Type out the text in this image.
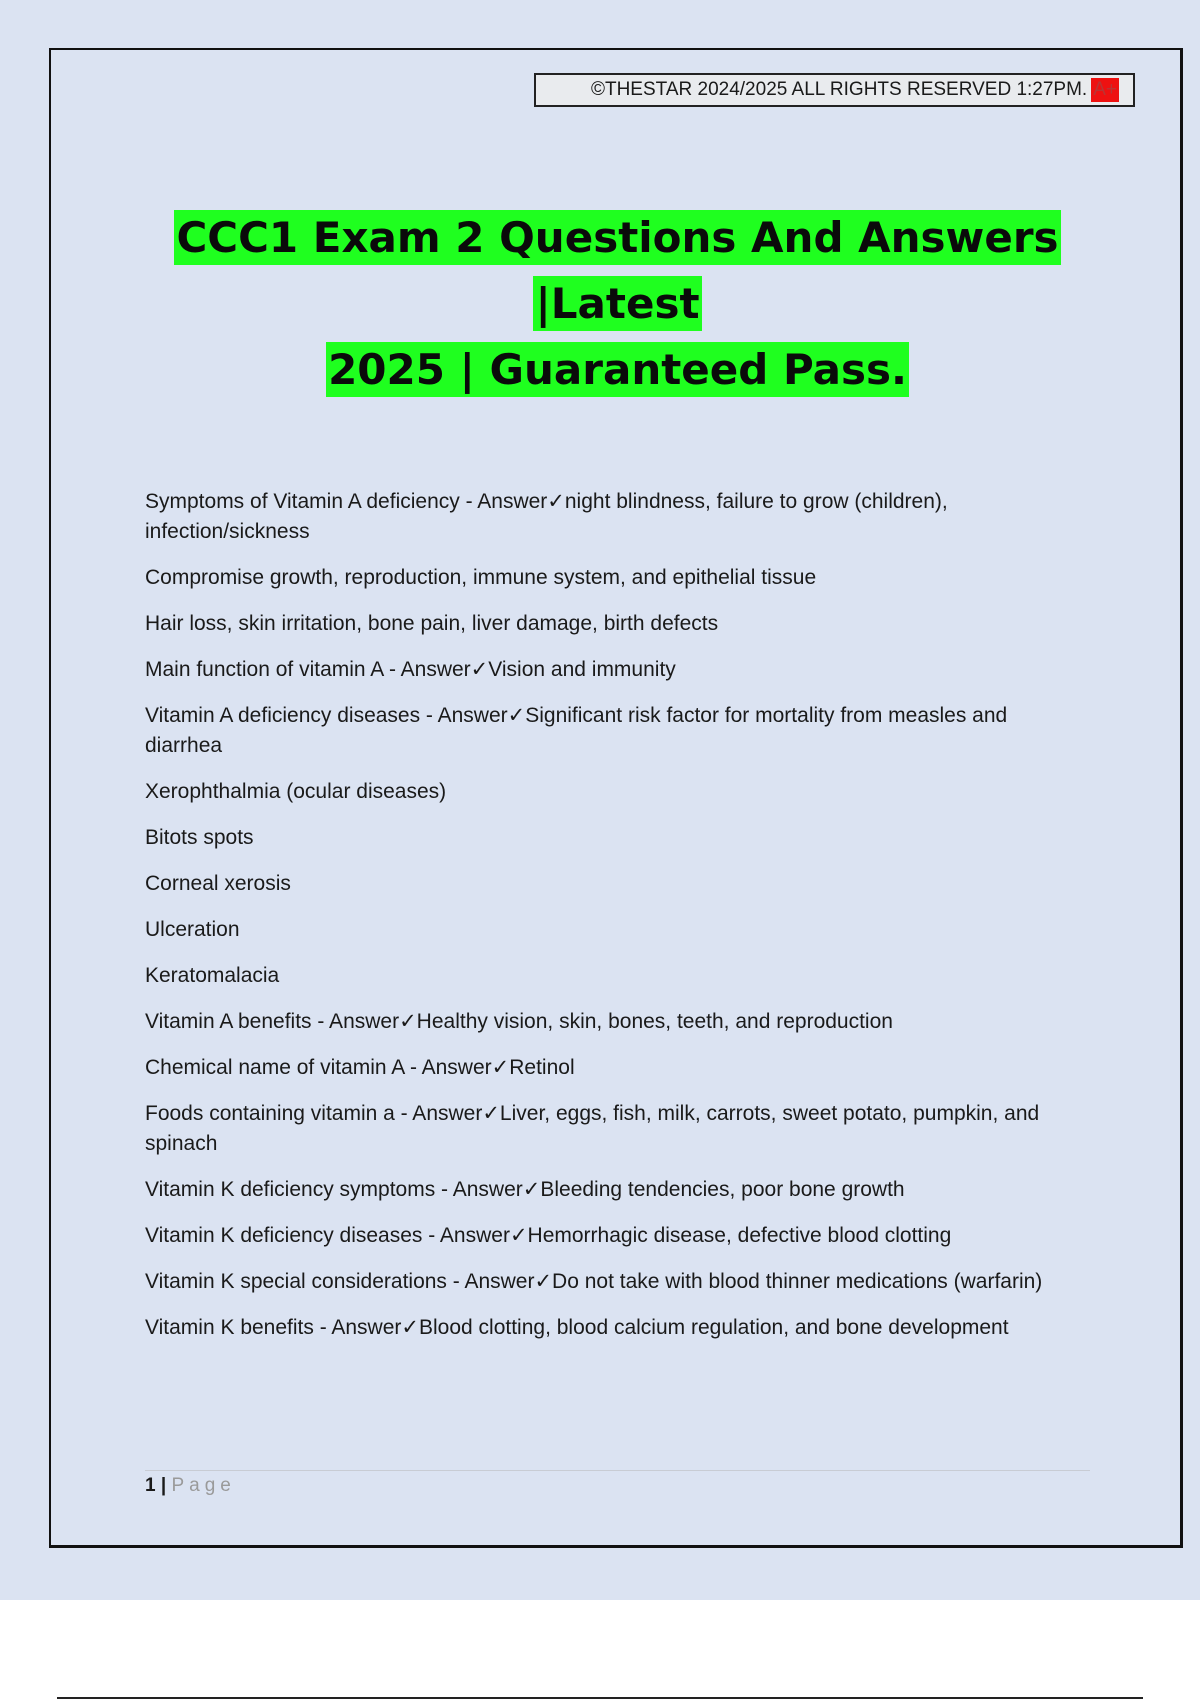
©THESTAR 2024/2025 ALL RIGHTS RESERVED 1:27PM. A+
CCC1 Exam 2 Questions And Answers |Latest
2025 | Guaranteed Pass.

Symptoms of Vitamin A deficiency - Answer✓night blindness, failure to grow (children), infection/sickness

Compromise growth, reproduction, immune system, and epithelial tissue

Hair loss, skin irritation, bone pain, liver damage, birth defects

Main function of vitamin A - Answer✓Vision and immunity

Vitamin A deficiency diseases - Answer✓Significant risk factor for mortality from measles and diarrhea

Xerophthalmia (ocular diseases)

Bitots spots

Corneal xerosis

Ulceration

Keratomalacia

Vitamin A benefits - Answer✓Healthy vision, skin, bones, teeth, and reproduction

Chemical name of vitamin A - Answer✓Retinol

Foods containing vitamin a - Answer✓Liver, eggs, fish, milk, carrots, sweet potato, pumpkin, and spinach

Vitamin K deficiency symptoms - Answer✓Bleeding tendencies, poor bone growth

Vitamin K deficiency diseases - Answer✓Hemorrhagic disease, defective blood clotting

Vitamin K special considerations - Answer✓Do not take with blood thinner medications (warfarin)

Vitamin K benefits - Answer✓Blood clotting, blood calcium regulation, and bone development

1 | Page
